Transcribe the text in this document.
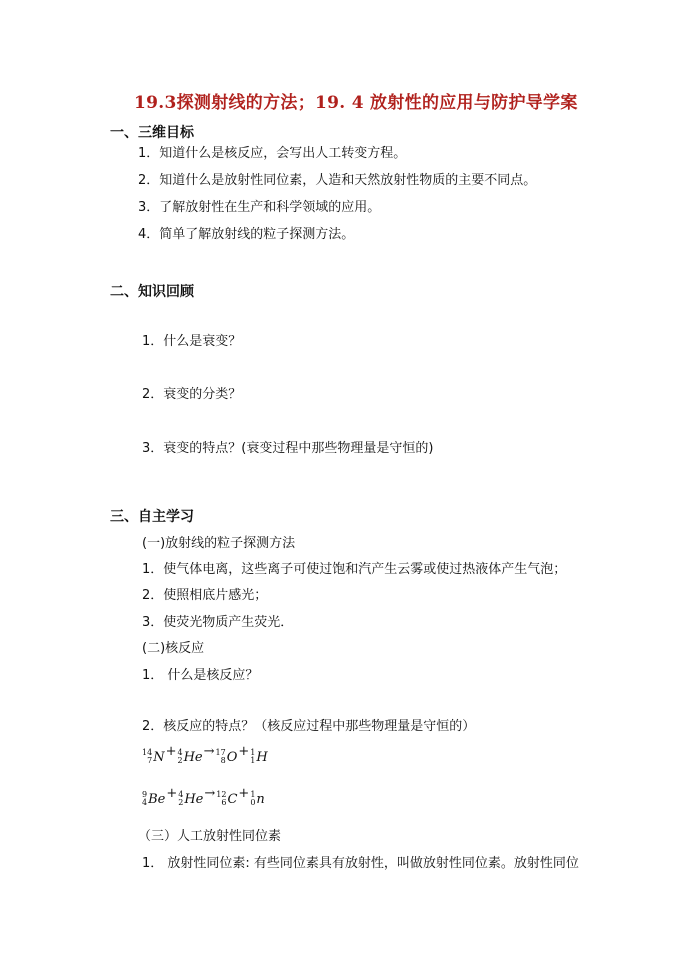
19.3探测射线的方法；19. 4 放射性的应用与防护导学案
一、三维目标
1．知道什么是核反应，会写出人工转变方程。
2．知道什么是放射性同位素，人造和天然放射性物质的主要不同点。
3．了解放射性在生产和科学领域的应用。
4．简单了解放射线的粒子探测方法。
二、知识回顾
1．什么是衰变？
2．衰变的分类？
3．衰变的特点？(衰变过程中那些物理量是守恒的)
三、自主学习
(一)放射线的粒子探测方法
1．使气体电离，这些离子可使过饱和汽产生云雾或使过热液体产生气泡；
2．使照相底片感光；
3．使荧光物质产生荧光．
(二)核反应
1． 什么是核反应？
2．核反应的特点？（核反应过程中那些物理量是守恒的）
14
7 N + 4
2 He → 17
8 O + 1
1 H
9
4 Be + 4
2 He → 12
6 C + 1
0 n
（三）人工放射性同位素
1． 放射性同位素: 有些同位素具有放射性，叫做放射性同位素。放射性同位
